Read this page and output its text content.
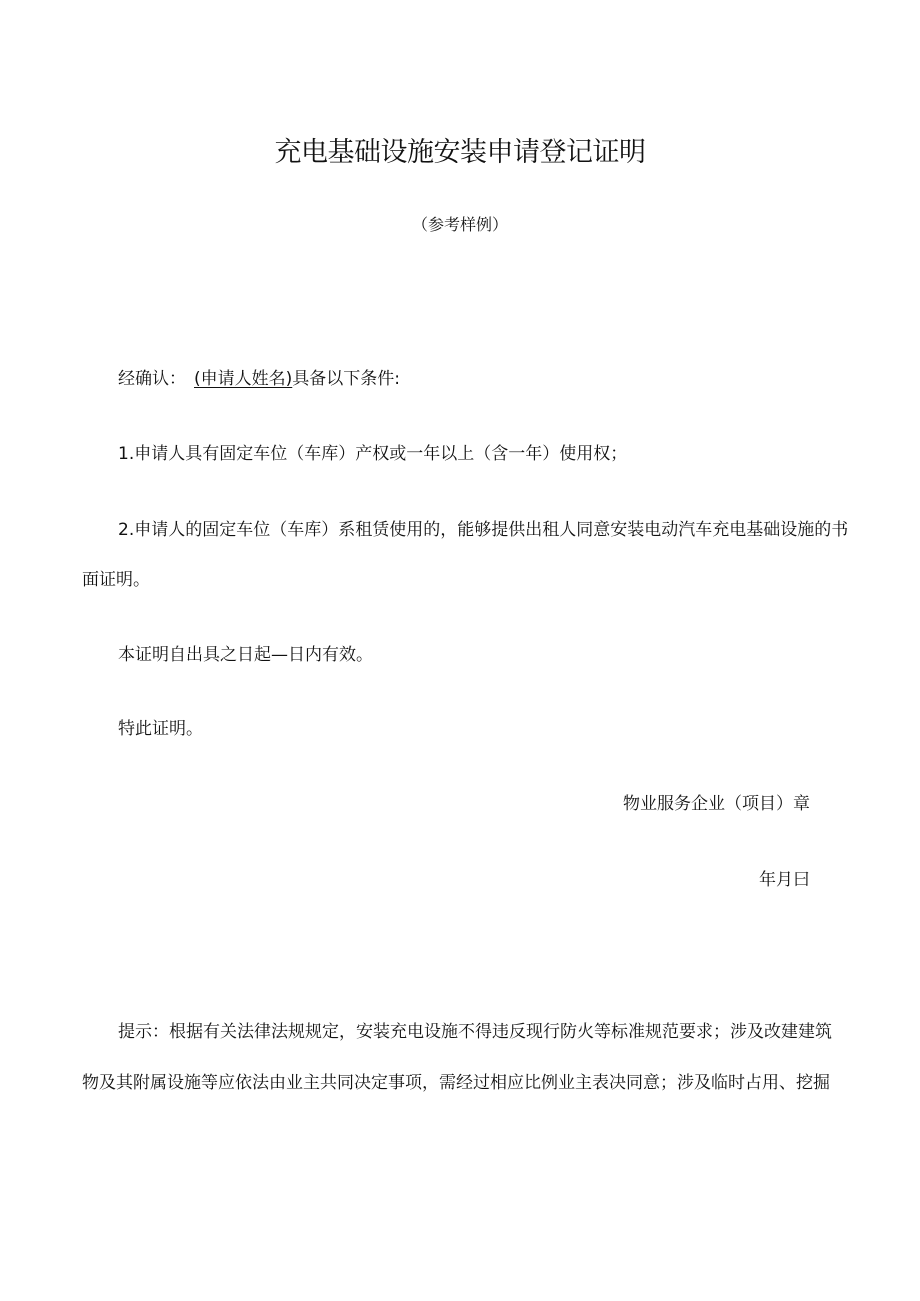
充电基础设施安装申请登记证明
（参考样例）
经确认： (申请人姓名)具备以下条件:
1.申请人具有固定车位（车库）产权或一年以上（含一年）使用权；
2.申请人的固定车位（车库）系租赁使用的，能够提供出租人同意安装电动汽车充电基础设施的书
面证明。
本证明自出具之日起—日内有效。
特此证明。
物业服务企业（项目）章
年月曰
提示：根据有关法律法规规定，安装充电设施不得违反现行防火等标准规范要求；涉及改建建筑
物及其附属设施等应依法由业主共同决定事项，需经过相应比例业主表决同意；涉及临时占用、挖掘
